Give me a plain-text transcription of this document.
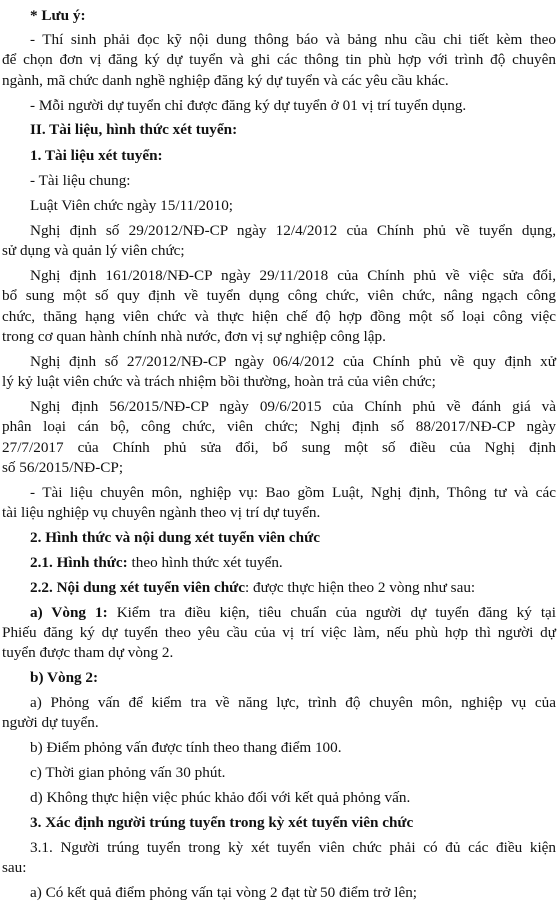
* Lưu ý:
- Thí sinh phải đọc kỹ nội dung thông báo và bảng nhu cầu chi tiết kèm theo
để chọn đơn vị đăng ký dự tuyển và ghi các thông tin phù hợp với trình độ chuyên
ngành, mã chức danh nghề nghiệp đăng ký dự tuyển và các yêu cầu khác.
- Mỗi người dự tuyển chỉ được đăng ký dự tuyển ở 01 vị trí tuyển dụng.
II. Tài liệu, hình thức xét tuyển:
1. Tài liệu xét tuyển:
- Tài liệu chung:
Luật Viên chức ngày 15/11/2010;
Nghị định số 29/2012/NĐ-CP ngày 12/4/2012 của Chính phủ về tuyển dụng,
sử dụng và quản lý viên chức;
Nghị định 161/2018/NĐ-CP ngày 29/11/2018 của Chính phủ về việc sửa đổi,
bổ sung một số quy định về tuyển dụng công chức, viên chức, nâng ngạch công
chức, thăng hạng viên chức và thực hiện chế độ hợp đồng một số loại công việc
trong cơ quan hành chính nhà nước, đơn vị sự nghiệp công lập.
Nghị định số 27/2012/NĐ-CP ngày 06/4/2012 của Chính phủ về quy định xử
lý kỷ luật viên chức và trách nhiệm bồi thường, hoàn trả của viên chức;
Nghị định 56/2015/NĐ-CP ngày 09/6/2015 của Chính phủ về đánh giá và
phân loại cán bộ, công chức, viên chức; Nghị định số 88/2017/NĐ-CP ngày
27/7/2017 của Chính phủ sửa đổi, bổ sung một số điều của Nghị định
số 56/2015/NĐ-CP;
- Tài liệu chuyên môn, nghiệp vụ: Bao gồm Luật, Nghị định, Thông tư và các
tài liệu nghiệp vụ chuyên ngành theo vị trí dự tuyển.
2. Hình thức và nội dung xét tuyển viên chức
2.1. Hình thức: theo hình thức xét tuyển.
2.2. Nội dung xét tuyển viên chức: được thực hiện theo 2 vòng như sau:
a) Vòng 1: Kiểm tra điều kiện, tiêu chuẩn của người dự tuyển đăng ký tại
Phiếu đăng ký dự tuyển theo yêu cầu của vị trí việc làm, nếu phù hợp thì người dự
tuyển được tham dự vòng 2.
b) Vòng 2:
a) Phỏng vấn để kiểm tra về năng lực, trình độ chuyên môn, nghiệp vụ của
người dự tuyển.
b) Điểm phỏng vấn được tính theo thang điểm 100.
c) Thời gian phỏng vấn 30 phút.
d) Không thực hiện việc phúc khảo đối với kết quả phỏng vấn.
3. Xác định người trúng tuyển trong kỳ xét tuyển viên chức
3.1. Người trúng tuyển trong kỳ xét tuyển viên chức phải có đủ các điều kiện
sau:
a) Có kết quả điểm phỏng vấn tại vòng 2 đạt từ 50 điểm trở lên;
